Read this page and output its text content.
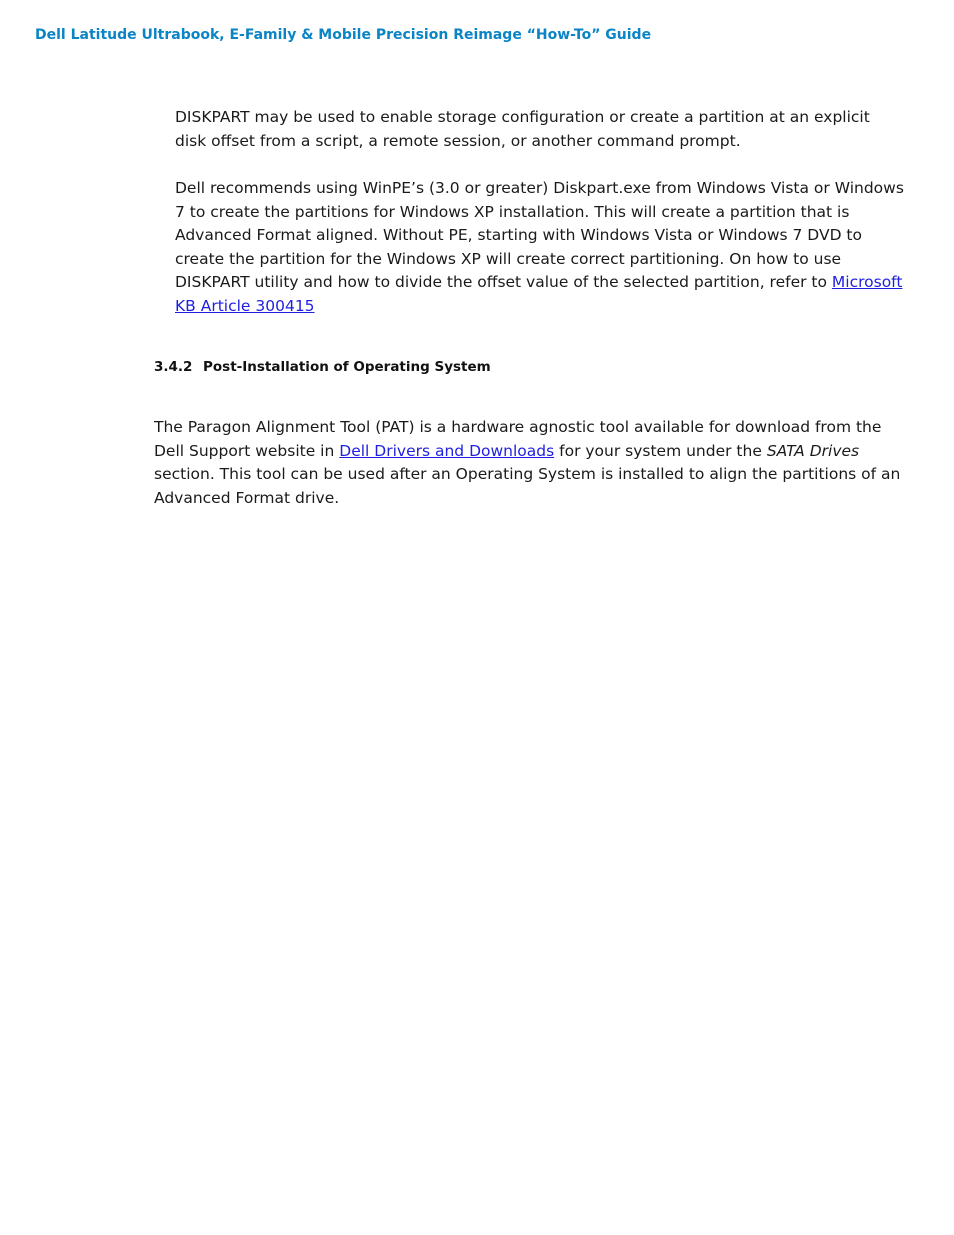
Dell Latitude Ultrabook, E-Family & Mobile Precision Reimage “How-To” Guide

DISKPART may be used to enable storage configuration or create a partition at an explicit disk offset from a script, a remote session, or another command prompt.

Dell recommends using WinPE’s (3.0 or greater) Diskpart.exe from Windows Vista or Windows 7 to create the partitions for Windows XP installation. This will create a partition that is Advanced Format aligned. Without PE, starting with Windows Vista or Windows 7 DVD to create the partition for the Windows XP will create correct partitioning. On how to use DISKPART utility and how to divide the offset value of the selected partition, refer to Microsoft KB Article 300415

3.4.2 Post-Installation of Operating System

The Paragon Alignment Tool (PAT) is a hardware agnostic tool available for download from the Dell Support website in Dell Drivers and Downloads for your system under the SATA Drives section. This tool can be used after an Operating System is installed to align the partitions of an Advanced Format drive.
